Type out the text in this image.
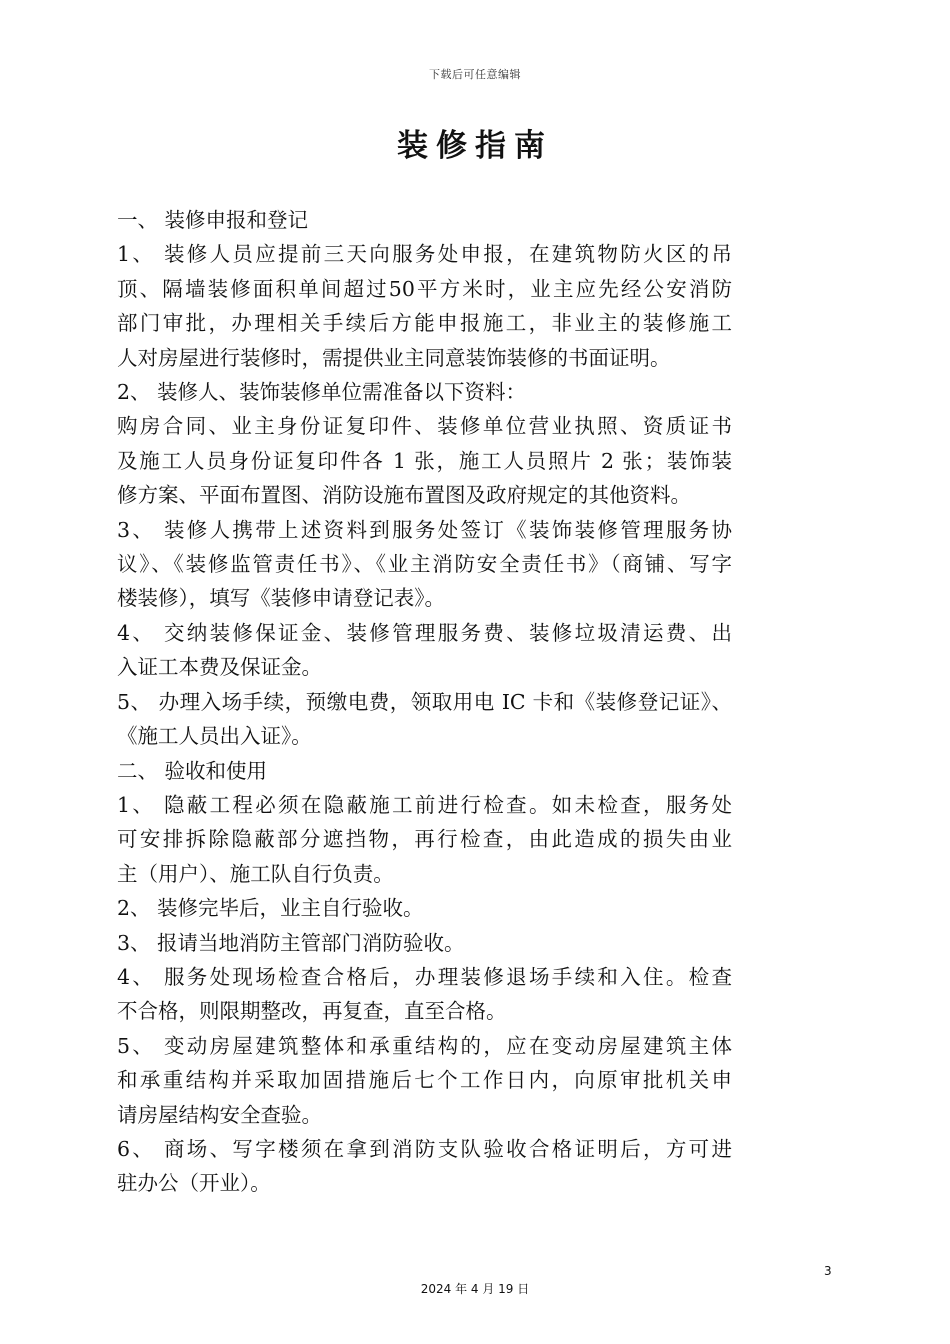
下载后可任意编辑
装修指南
一、 装修申报和登记
1、 装修人员应提前三天向服务处申报，在建筑物防火区的吊
顶、隔墙装修面积单间超过50平方米时，业主应先经公安消防
部门审批，办理相关手续后方能申报施工，非业主的装修施工
人对房屋进行装修时，需提供业主同意装饰装修的书面证明。
2、 装修人、装饰装修单位需准备以下资料：
购房合同、业主身份证复印件、装修单位营业执照、资质证书
及施工人员身份证复印件各 1 张，施工人员照片 2 张；装饰装
修方案、平面布置图、消防设施布置图及政府规定的其他资料。
3、 装修人携带上述资料到服务处签订《装饰装修管理服务协
议》、《装修监管责任书》、《业主消防安全责任书》（商铺、写字
楼装修），填写《装修申请登记表》。
4、 交纳装修保证金、装修管理服务费、装修垃圾清运费、出
入证工本费及保证金。
5、 办理入场手续，预缴电费，领取用电 IC 卡和《装修登记证》、
《施工人员出入证》。
二、 验收和使用
1、 隐蔽工程必须在隐蔽施工前进行检查。如未检查，服务处
可安排拆除隐蔽部分遮挡物，再行检查，由此造成的损失由业
主（用户）、施工队自行负责。
2、 装修完毕后，业主自行验收。
3、 报请当地消防主管部门消防验收。
4、 服务处现场检查合格后，办理装修退场手续和入住。检查
不合格，则限期整改，再复查，直至合格。
5、 变动房屋建筑整体和承重结构的，应在变动房屋建筑主体
和承重结构并采取加固措施后七个工作日内，向原审批机关申
请房屋结构安全查验。
6、 商场、写字楼须在拿到消防支队验收合格证明后，方可进
驻办公（开业）。
3
2024 年 4 月 19 日
